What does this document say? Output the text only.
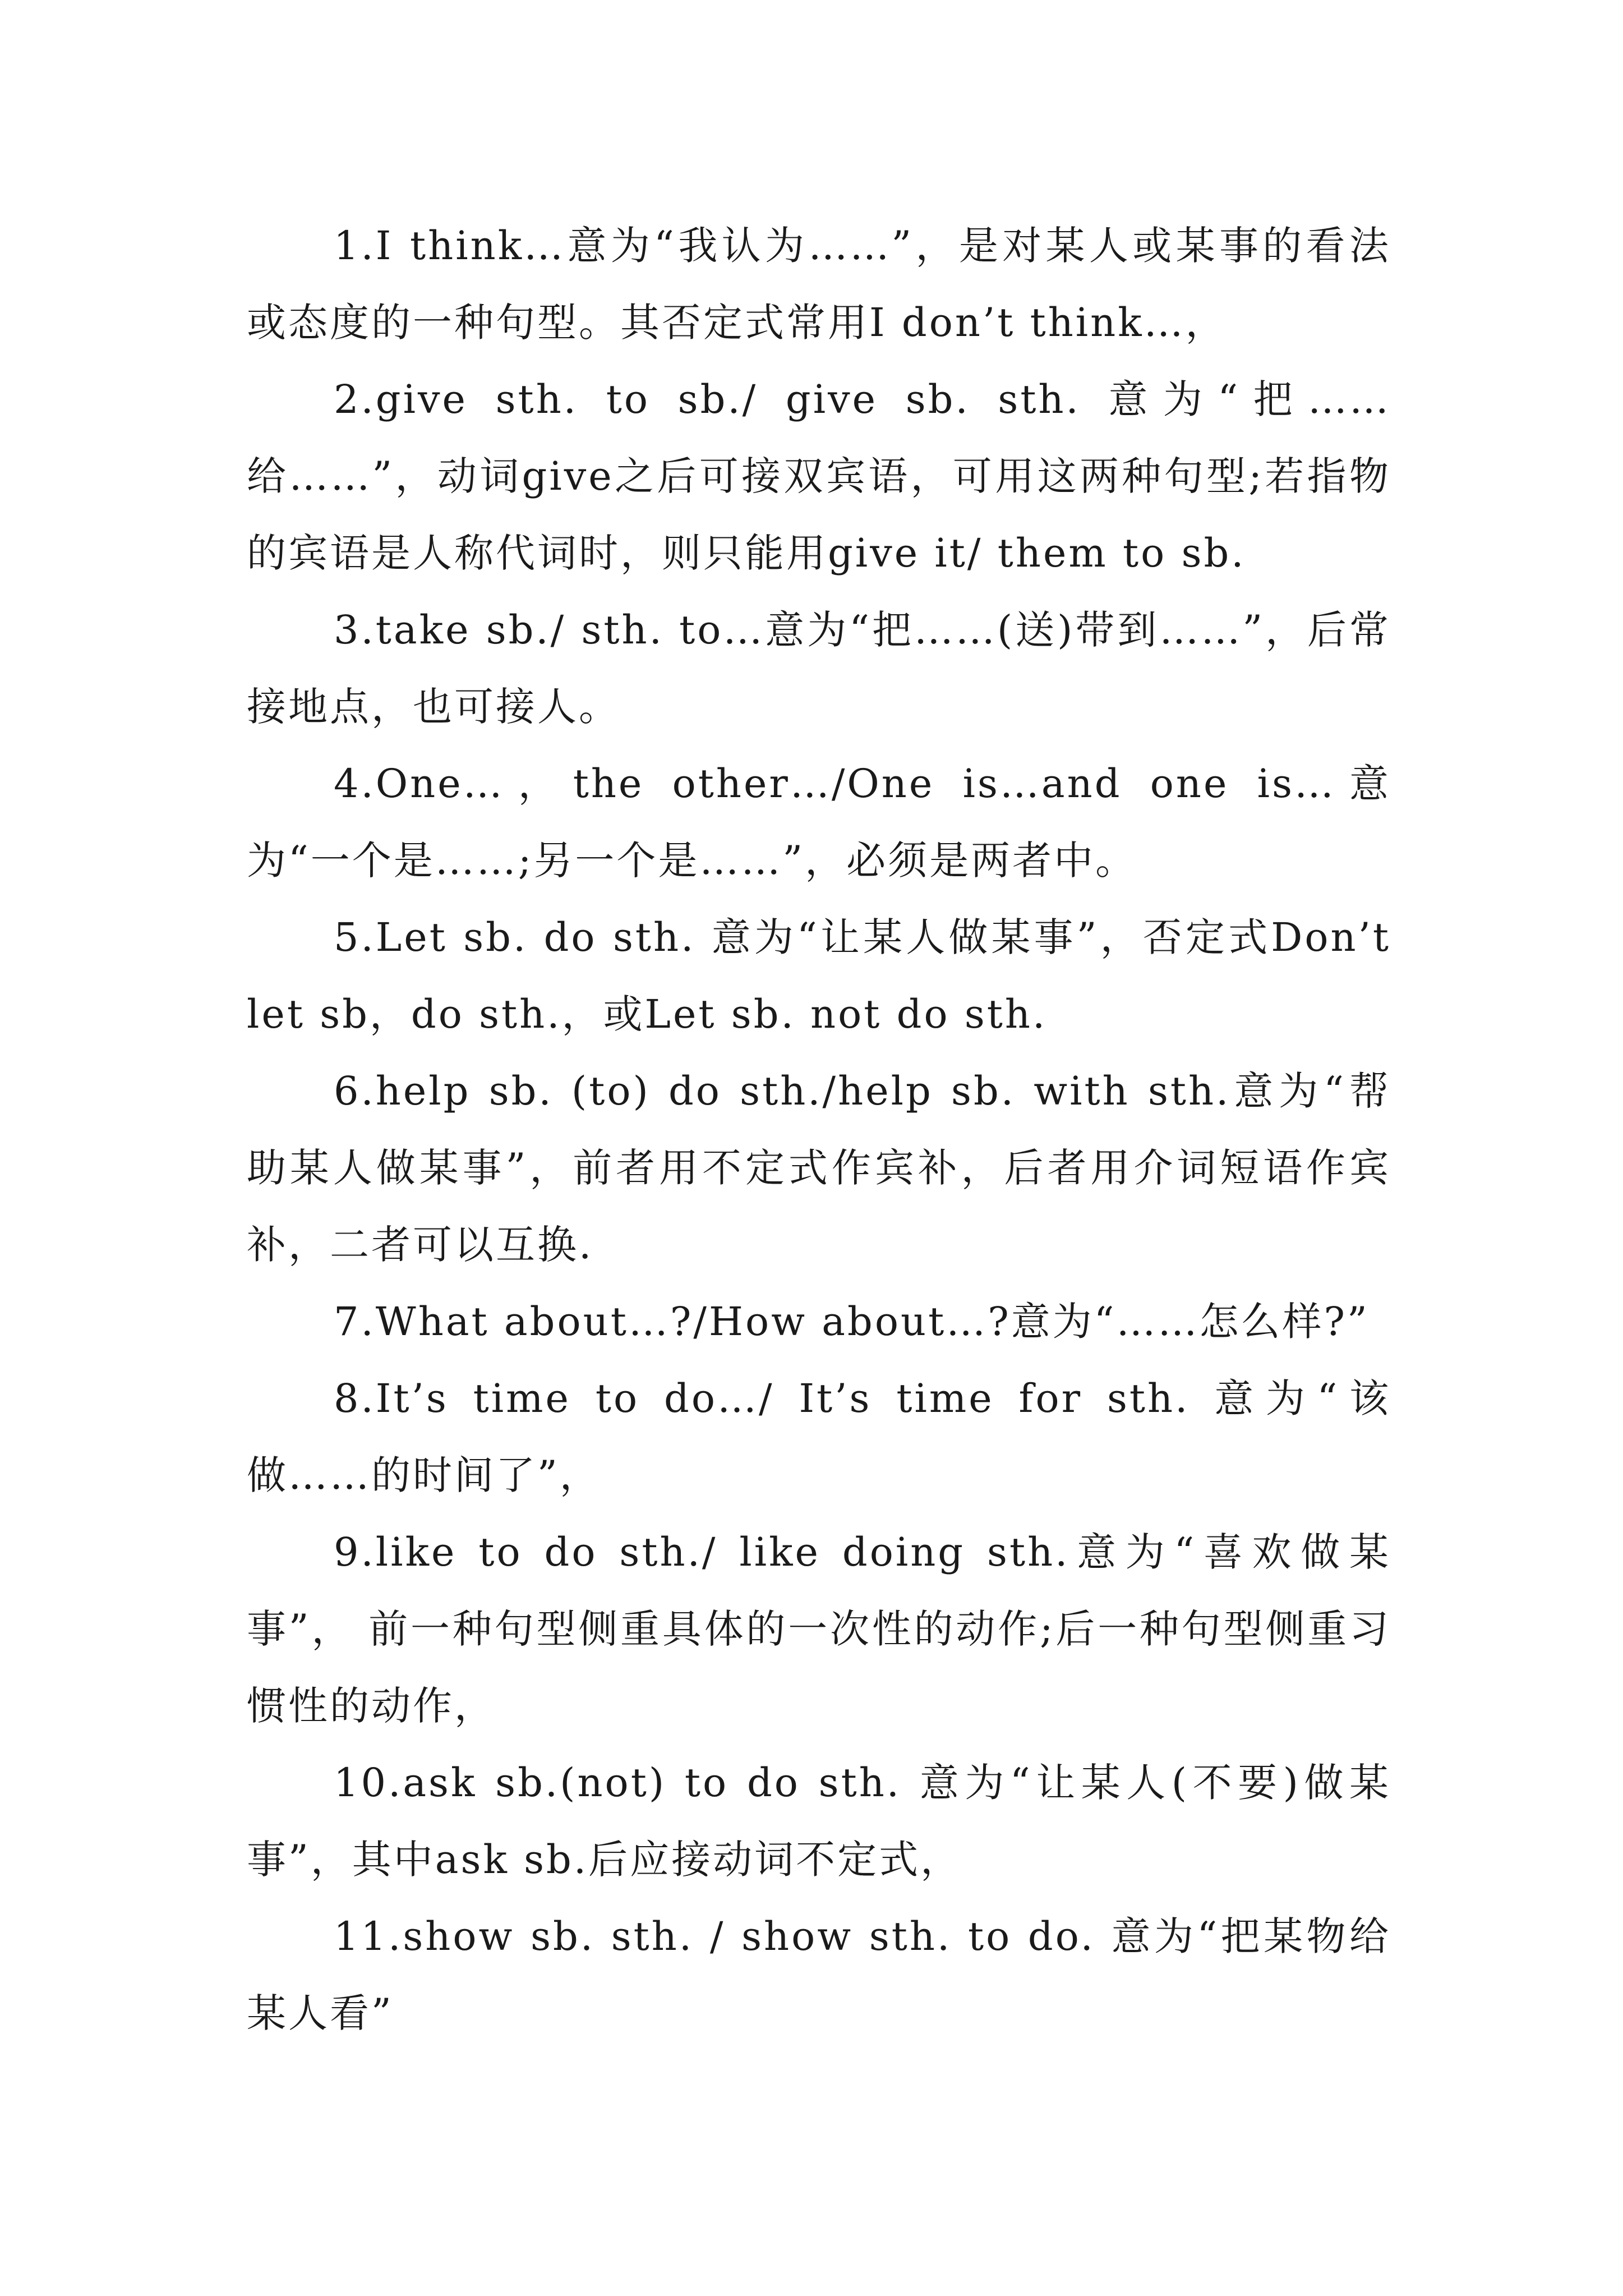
1.I think…意为“我认为……”，是对某人或某事的看法或态度的一种句型。其否定式常用I don’t think…，

2.give sth. to sb./ give sb. sth. 意为“把……给……”，动词give之后可接双宾语，可用这两种句型;若指物的宾语是人称代词时，则只能用give it/ them to sb.

3.take sb./ sth. to…意为“把……(送)带到……”，后常接地点，也可接人。

4.One…，the other…/One is…and one is…意为“一个是……;另一个是……”，必须是两者中。

5.Let sb. do sth. 意为“让某人做某事”，否定式Don’t let sb，do sth.，或Let sb. not do sth.

6.help sb. (to) do sth./help sb. with sth.意为“帮助某人做某事”，前者用不定式作宾补，后者用介词短语作宾补，二者可以互换.

7.What about…?/How about…?意为“……怎么样?”

8.It’s time to do…/ It’s time for sth. 意为“该做……的时间了”，

9.like to do sth./ like doing sth.意为“喜欢做某事”， 前一种句型侧重具体的一次性的动作;后一种句型侧重习惯性的动作，

10.ask sb.(not) to do sth. 意为“让某人(不要)做某事”，其中ask sb.后应接动词不定式，

11.show sb. sth. / show sth. to do. 意为“把某物给某人看”
